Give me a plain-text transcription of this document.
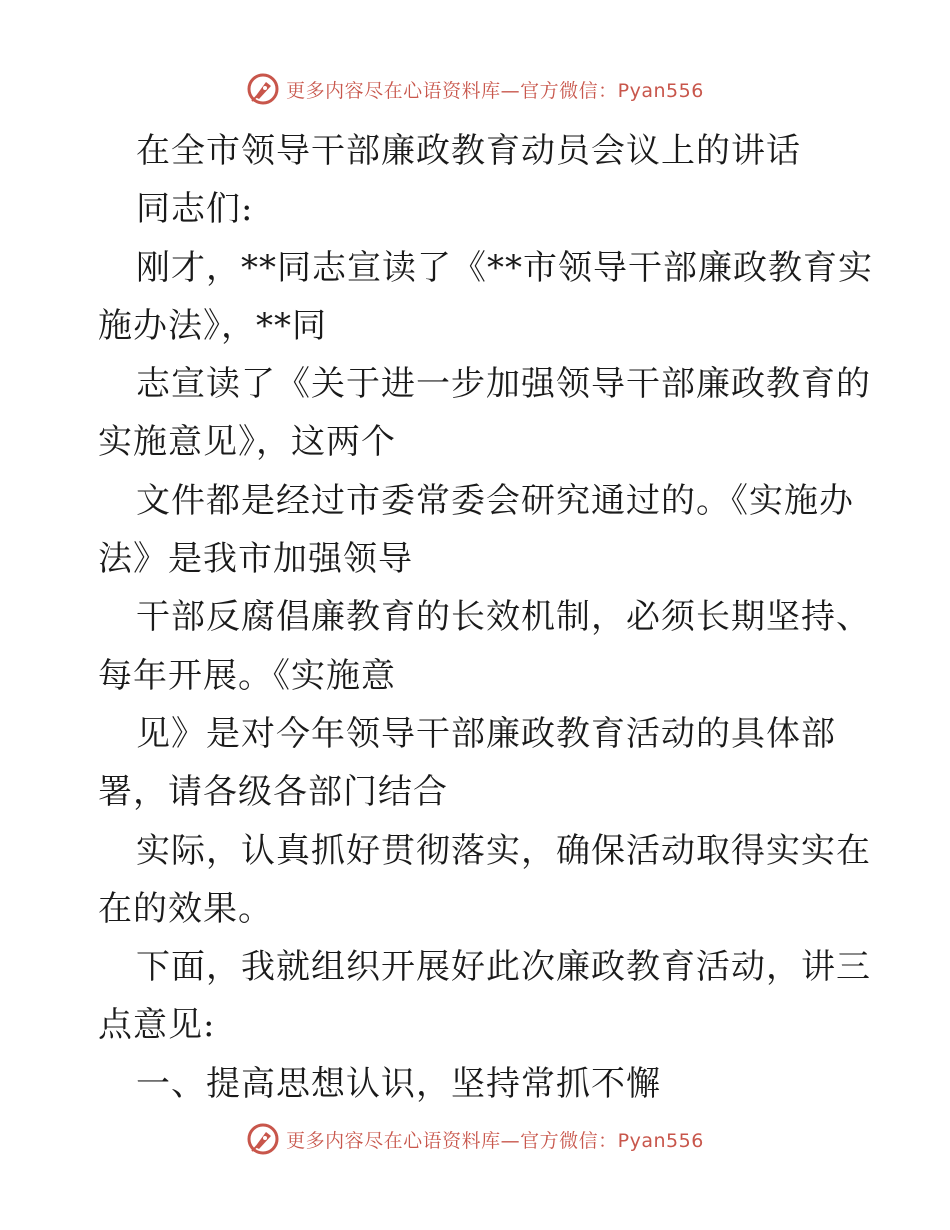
更多内容尽在心语资料库—官方微信：Pyan556
在全市领导干部廉政教育动员会议上的讲话
同志们:
刚才，**同志宣读了《**市领导干部廉政教育实
施办法》，**同
志宣读了《关于进一步加强领导干部廉政教育的
实施意见》，这两个
文件都是经过市委常委会研究通过的。《实施办
法》是我市加强领导
干部反腐倡廉教育的长效机制，必须长期坚持、
每年开展。《实施意
见》是对今年领导干部廉政教育活动的具体部
署，请各级各部门结合
实际，认真抓好贯彻落实，确保活动取得实实在
在的效果。
下面，我就组织开展好此次廉政教育活动，讲三
点意见:
一、提高思想认识，坚持常抓不懈
更多内容尽在心语资料库—官方微信：Pyan556
